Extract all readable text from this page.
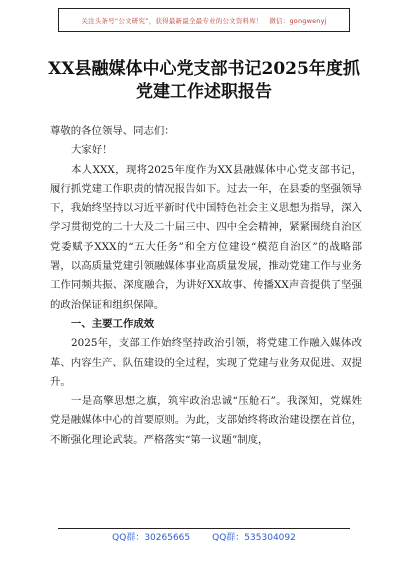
关注头条号“公文研究”，获得最新最全最专业的公文资料库！　微信：gongwenyj
XX县融媒体中心党支部书记2025年度抓党建工作述职报告

尊敬的各位领导、同志们：

大家好！

本人XXX，现将2025年度作为XX县融媒体中心党支部书记，履行抓党建工作职责的情况报告如下。过去一年，在县委的坚强领导下，我始终坚持以习近平新时代中国特色社会主义思想为指导，深入学习贯彻党的二十大及二十届三中、四中全会精神，紧紧围绕自治区党委赋予XXX的“五大任务”和全方位建设“模范自治区”的战略部署，以高质量党建引领融媒体事业高质量发展，推动党建工作与业务工作同频共振、深度融合，为讲好XX故事、传播XX声音提供了坚强的政治保证和组织保障。

一、主要工作成效

2025年，支部工作始终坚持政治引领，将党建工作融入媒体改革、内容生产、队伍建设的全过程，实现了党建与业务双促进、双提升。

一是高擎思想之旗，筑牢政治忠诚“压舱石”。我深知，党媒姓党是融媒体中心的首要原则。为此，支部始终将政治建设摆在首位，不断强化理论武装。严格落实“第一议题”制度，

QQ群：30265665 QQ群：535304092
